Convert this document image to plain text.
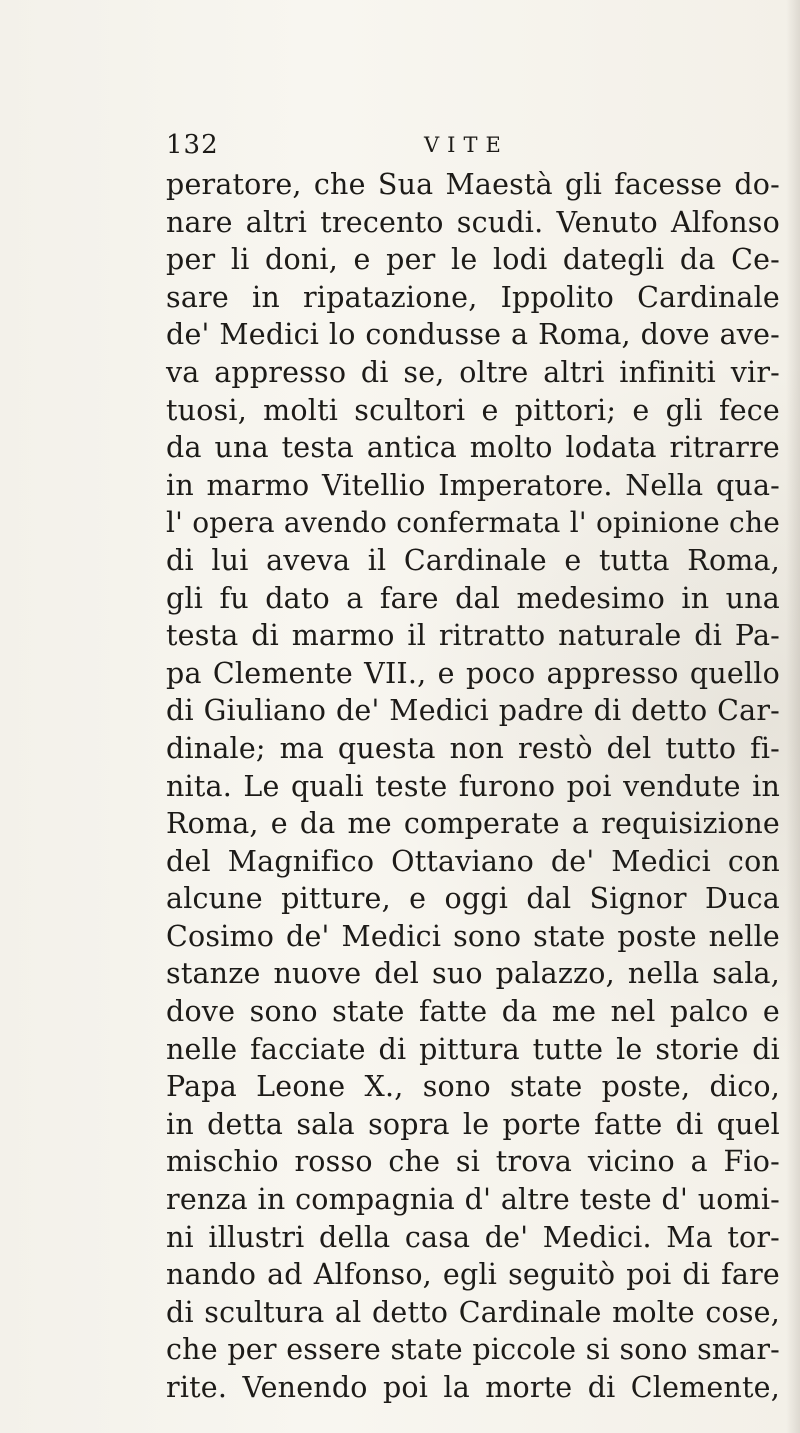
132	VITE
peratore, che Sua Maestà gli facesse do-
nare altri trecento scudi. Venuto Alfonso
per li doni, e per le lodi dategli da Ce-
sare in ripatazione, Ippolito Cardinale
de' Medici lo condusse a Roma, dove ave-
va appresso di se, oltre altri infiniti vir-
tuosi, molti scultori e pittori; e gli fece
da una testa antica molto lodata ritrarre
in marmo Vitellio Imperatore. Nella qua-
l' opera avendo confermata l' opinione che
di lui aveva il Cardinale e tutta Roma,
gli fu dato a fare dal medesimo in una
testa di marmo il ritratto naturale di Pa-
pa Clemente VII., e poco appresso quello
di Giuliano de' Medici padre di detto Car-
dinale; ma questa non restò del tutto fi-
nita. Le quali teste furono poi vendute in
Roma, e da me comperate a requisizione
del Magnifico Ottaviano de' Medici con
alcune pitture, e oggi dal Signor Duca
Cosimo de' Medici sono state poste nelle
stanze nuove del suo palazzo, nella sala,
dove sono state fatte da me nel palco e
nelle facciate di pittura tutte le storie di
Papa Leone X., sono state poste, dico,
in detta sala sopra le porte fatte di quel
mischio rosso che si trova vicino a Fio-
renza in compagnia d' altre teste d' uomi-
ni illustri della casa de' Medici. Ma tor-
nando ad Alfonso, egli seguitò poi di fare
di scultura al detto Cardinale molte cose,
che per essere state piccole si sono smar-
rite. Venendo poi la morte di Clemente,
